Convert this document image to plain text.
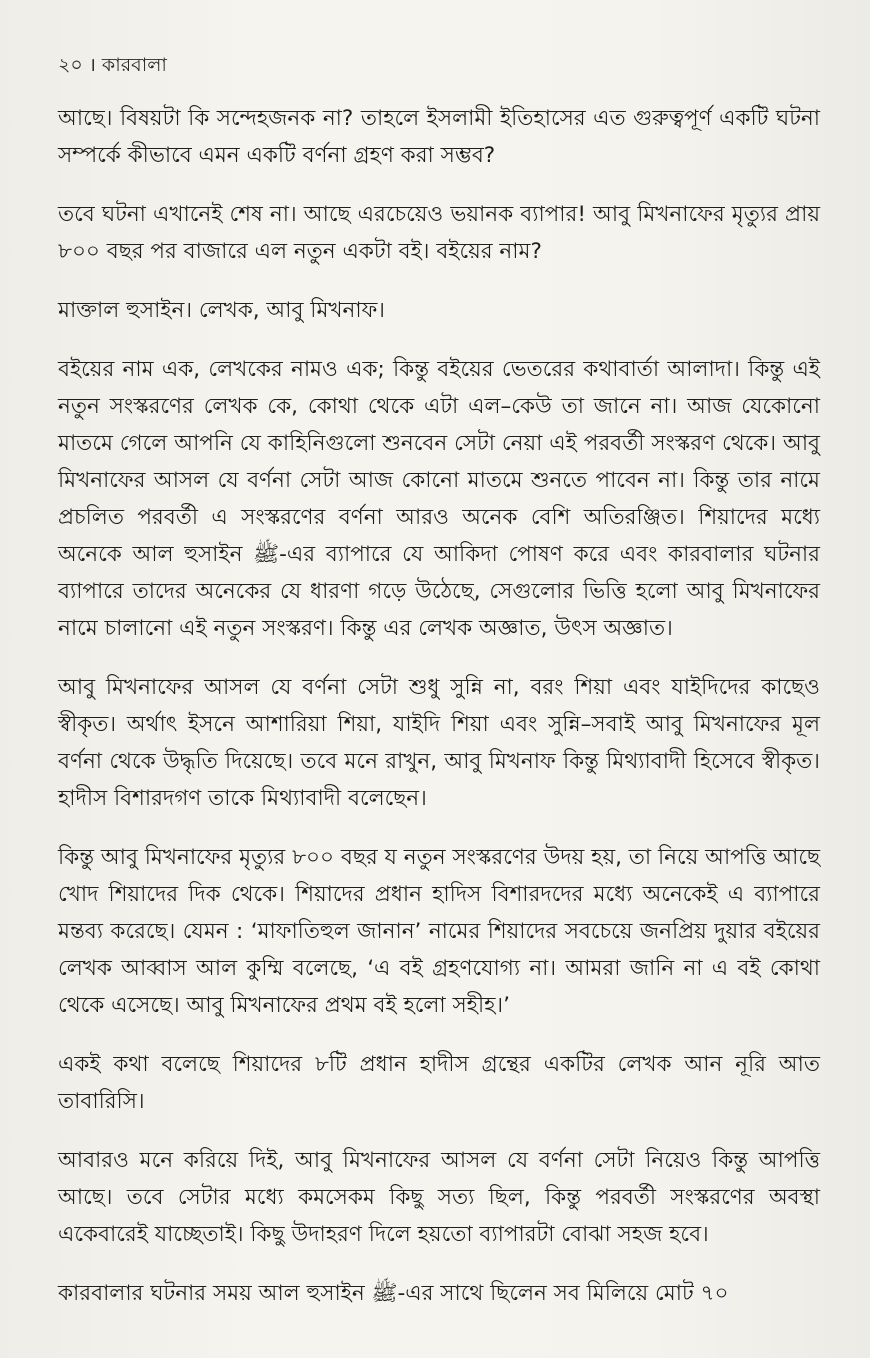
২০ । কারবালা

আছে। বিষয়টা কি সন্দেহজনক না? তাহলে ইসলামী ইতিহাসের এত গুরুত্বপূর্ণ একটি ঘটনা সম্পর্কে কীভাবে এমন একটি বর্ণনা গ্রহণ করা সম্ভব?

তবে ঘটনা এখানেই শেষ না। আছে এরচেয়েও ভয়ানক ব্যাপার! আবু মিখনাফের মৃত্যুর প্রায় ৮০০ বছর পর বাজারে এল নতুন একটা বই। বইয়ের নাম?

মাক্তাল হুসাইন। লেখক, আবু মিখনাফ।

বইয়ের নাম এক, লেখকের নামও এক; কিন্তু বইয়ের ভেতরের কথাবার্তা আলাদা। কিন্তু এই নতুন সংস্করণের লেখক কে, কোথা থেকে এটা এল–কেউ তা জানে না। আজ যেকোনো মাতমে গেলে আপনি যে কাহিনিগুলো শুনবেন সেটা নেয়া এই পরবর্তী সংস্করণ থেকে। আবু মিখনাফের আসল যে বর্ণনা সেটা আজ কোনো মাতমে শুনতে পাবেন না। কিন্তু তার নামে প্রচলিত পরবর্তী এ সংস্করণের বর্ণনা আরও অনেক বেশি অতিরঞ্জিত। শিয়াদের মধ্যে অনেকে আল হুসাইন ﷺ-এর ব্যাপারে যে আকিদা পোষণ করে এবং কারবালার ঘটনার ব্যাপারে তাদের অনেকের যে ধারণা গড়ে উঠেছে, সেগুলোর ভিত্তি হলো আবু মিখনাফের নামে চালানো এই নতুন সংস্করণ। কিন্তু এর লেখক অজ্ঞাত, উৎস অজ্ঞাত।

আবু মিখনাফের আসল যে বর্ণনা সেটা শুধু সুন্নি না, বরং শিয়া এবং যাইদিদের কাছেও স্বীকৃত। অর্থাৎ ইসনে আশারিয়া শিয়া, যাইদি শিয়া এবং সুন্নি–সবাই আবু মিখনাফের মূল বর্ণনা থেকে উদ্ধৃতি দিয়েছে। তবে মনে রাখুন, আবু মিখনাফ কিন্তু মিথ্যাবাদী হিসেবে স্বীকৃত। হাদীস বিশারদগণ তাকে মিথ্যাবাদী বলেছেন।

কিন্তু আবু মিখনাফের মৃত্যুর ৮০০ বছর য নতুন সংস্করণের উদয় হয়, তা নিয়ে আপত্তি আছে খোদ শিয়াদের দিক থেকে। শিয়াদের প্রধান হাদিস বিশারদদের মধ্যে অনেকেই এ ব্যাপারে মন্তব্য করেছে। যেমন : ‘মাফাতিহুল জানান’ নামের শিয়াদের সবচেয়ে জনপ্রিয় দুয়ার বইয়ের লেখক আব্বাস আল কুম্মি বলেছে, ‘এ বই গ্রহণযোগ্য না। আমরা জানি না এ বই কোথা থেকে এসেছে। আবু মিখনাফের প্রথম বই হলো সহীহ।’

একই কথা বলেছে শিয়াদের ৮টি প্রধান হাদীস গ্রন্থের একটির লেখক আন নূরি আত তাবারিসি।

আবারও মনে করিয়ে দিই, আবু মিখনাফের আসল যে বর্ণনা সেটা নিয়েও কিন্তু আপত্তি আছে। তবে সেটার মধ্যে কমসেকম কিছু সত্য ছিল, কিন্তু পরবর্তী সংস্করণের অবস্থা একেবারেই যাচ্ছেতাই। কিছু উদাহরণ দিলে হয়তো ব্যাপারটা বোঝা সহজ হবে।

কারবালার ঘটনার সময় আল হুসাইন ﷺ-এর সাথে ছিলেন সব মিলিয়ে মোট ৭০
